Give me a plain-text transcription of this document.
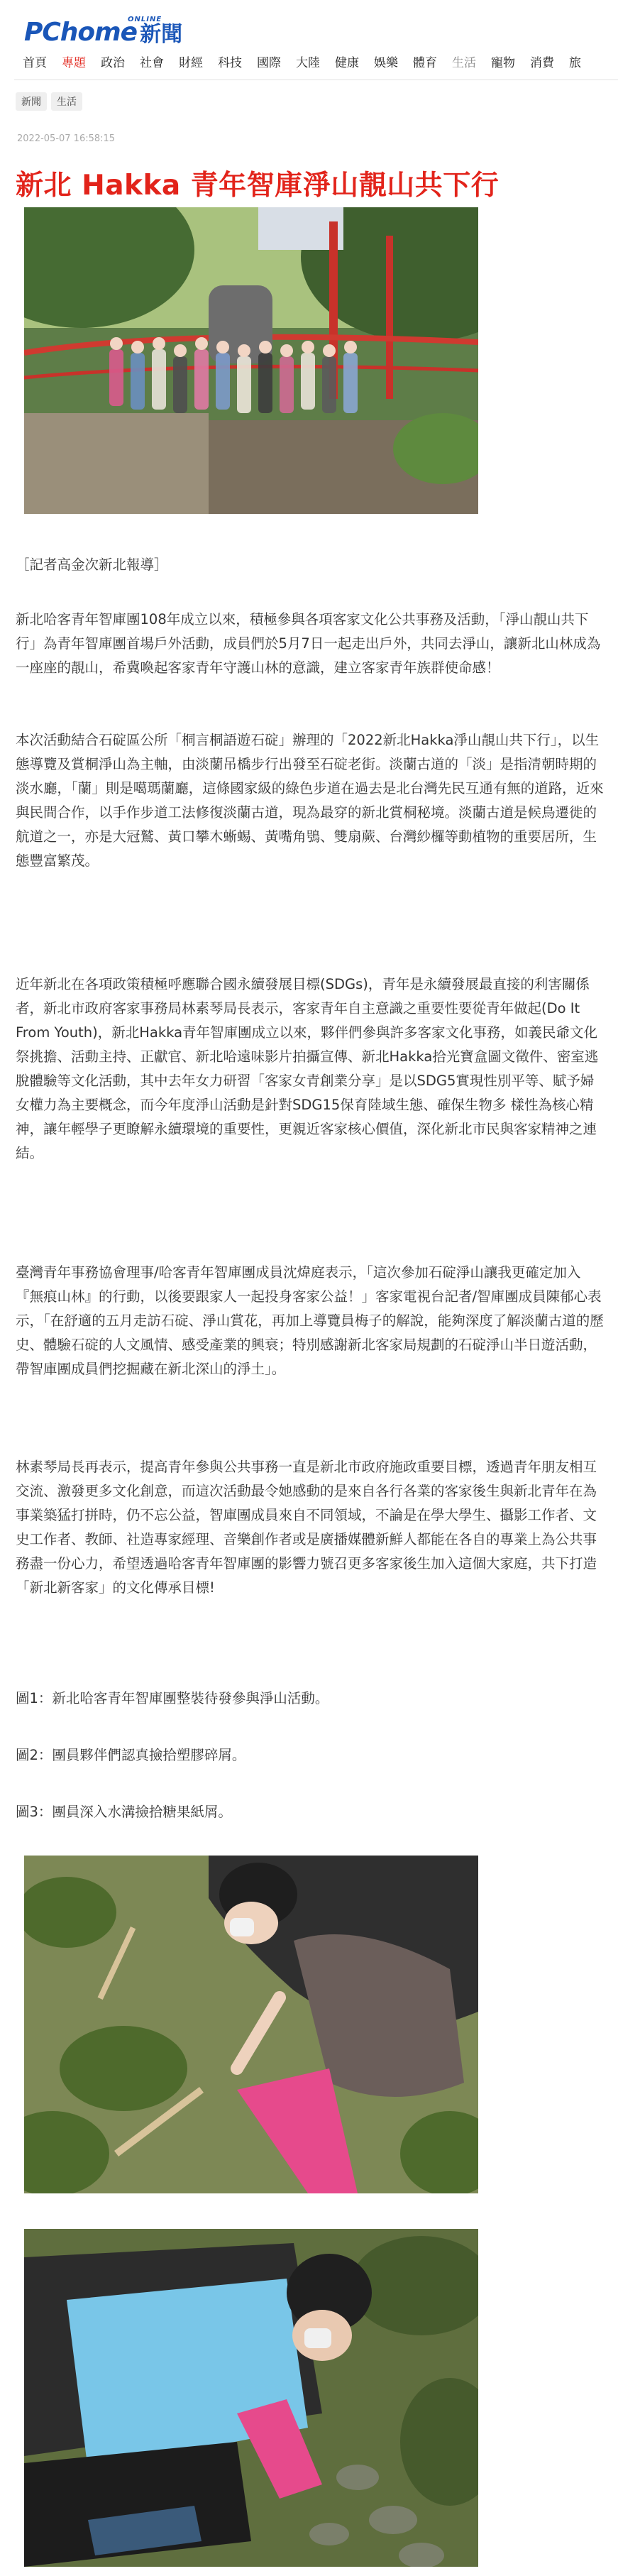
PChome
ONLINE
新聞
首頁 專題 政治 社會 財經 科技 國際 大陸 健康 娛樂 體育 生活 寵物 消費 旅
新聞	生活
2022-05-07 16:58:15
新北 Hakka 青年智庫淨山靚山共下行
［記者高金次新北報導］

新北哈客青年智庫團108年成立以來，積極參與各項客家文化公共事務及活動，「淨山靚山共下行」為青年智庫團首場戶外活動，成員們於5月7日一起走出戶外，共同去淨山，讓新北山林成為一座座的靚山，希冀喚起客家青年守護山林的意識，建立客家青年族群使命感！

本次活動結合石碇區公所「桐言桐語遊石碇」辦理的「2022新北Hakka淨山靚山共下行」，以生態導覽及賞桐淨山為主軸，由淡蘭吊橋步行出發至石碇老街。淡蘭古道的「淡」是指清朝時期的淡水廳，「蘭」則是噶瑪蘭廳，這條國家級的綠色步道在過去是北台灣先民互通有無的道路，近來與民間合作，以手作步道工法修復淡蘭古道，現為最穿的新北賞桐秘境。淡蘭古道是候鳥遷徙的航道之一，亦是大冠鷲、黃口攀木蜥蜴、黃嘴角鴞、雙扇蕨、台灣紗欏等動植物的重要居所，生態豐富繁茂。

近年新北在各項政策積極呼應聯合國永續發展目標(SDGs)，青年是永續發展最直接的利害關係者，新北市政府客家事務局林素琴局長表示，客家青年自主意識之重要性要從青年做起(Do It From Youth)，新北Hakka青年智庫團成立以來，夥伴們參與許多客家文化事務，如義民爺文化祭挑擔、活動主持、正獻官、新北哈遠味影片拍攝宣傳、新北Hakka拾光寶盒圖文徵件、密室逃脫體驗等文化活動，其中去年女力研習「客家女青創業分享」是以SDG5實現性別平等、賦予婦女權力為主要概念，而今年度淨山活動是針對SDG15保育陸域生態、確保生物多 樣性為核心精神，讓年輕學子更瞭解永續環境的重要性，更親近客家核心價值，深化新北市民與客家精神之連結。

臺灣青年事務協會理事/哈客青年智庫團成員沈煒庭表示，「這次參加石碇淨山讓我更確定加入『無痕山林』的行動，以後要跟家人一起投身客家公益！」客家電視台記者/智庫團成員陳郁心表示，「在舒適的五月走訪石碇、淨山賞花，再加上導覽員梅子的解說，能夠深度了解淡蘭古道的歷史、體驗石碇的人文風情、感受產業的興衰；特別感謝新北客家局規劃的石碇淨山半日遊活動，帶智庫團成員們挖掘藏在新北深山的淨土」。

林素琴局長再表示，提高青年參與公共事務一直是新北市政府施政重要目標，透過青年朋友相互交流、激發更多文化創意，而這次活動最令她感動的是來自各行各業的客家後生與新北青年在為事業築猛打拼時，仍不忘公益，智庫團成員來自不同領域，不論是在學大學生、攝影工作者、文史工作者、教師、社造專家經理、音樂創作者或是廣播媒體新鮮人都能在各自的專業上為公共事務盡一份心力，希望透過哈客青年智庫團的影響力號召更多客家後生加入這個大家庭，共下打造「新北新客家」的文化傳承目標!

圖1：新北哈客青年智庫團整裝待發參與淨山活動。

圖2：團員夥伴們認真撿拾塑膠碎屑。

圖3：團員深入水溝撿拾糖果紙屑。
